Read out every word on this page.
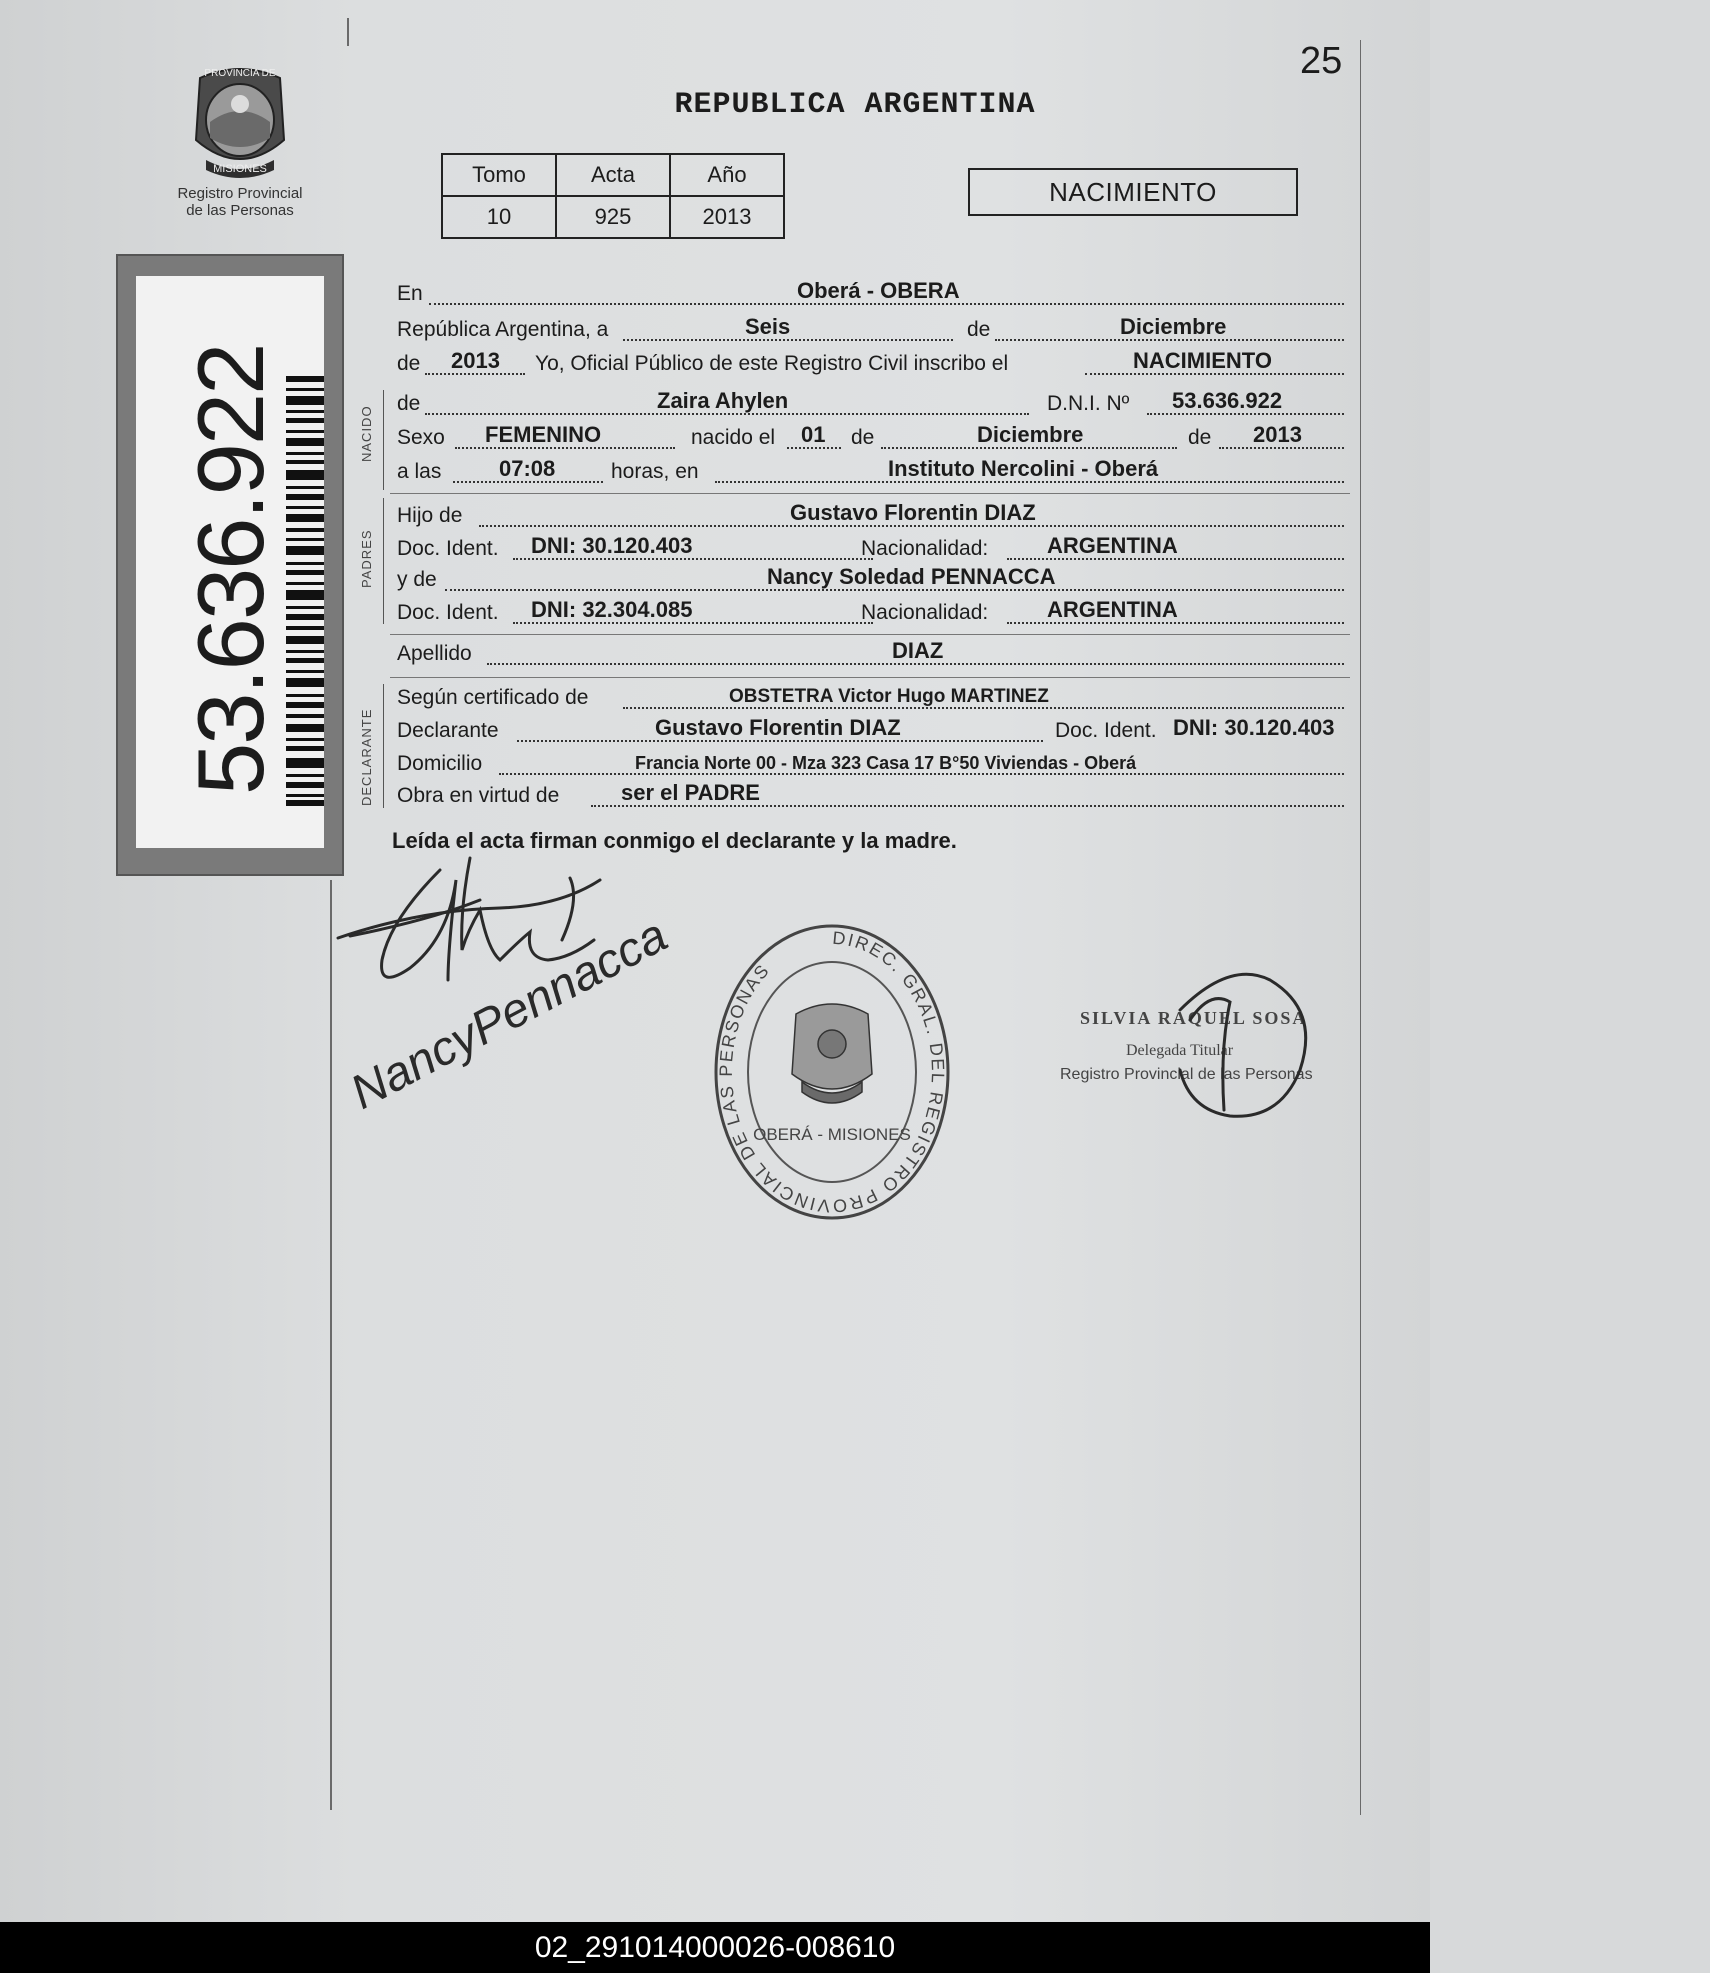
25
REPUBLICA ARGENTINA
PROVINCIA DE
MISIONES
Registro Provincial
de las Personas
53.636.922
Tomo	Acta	Año
10	925	2013
NACIMIENTO
NACIDO
PADRES
DECLARANTE
En	Oberá - OBERA
República Argentina, a	Seis	de	Diciembre
de 2013 Yo, Oficial Público de este Registro Civil inscribo el	NACIMIENTO
de	Zaira Ahylen	D.N.I. Nº 53.636.922
Sexo FEMENINO	nacido el 01 de	Diciembre	de 2013
a las	07:08	horas, en	Instituto Nercolini - Oberá
Hijo de	Gustavo Florentin DIAZ
Doc. Ident. DNI: 30.120.403	Nacionalidad:	ARGENTINA
y de	Nancy Soledad PENNACCA
Doc. Ident. DNI: 32.304.085	Nacionalidad:	ARGENTINA
Apellido	DIAZ
Según certificado de	OBSTETRA Victor Hugo MARTINEZ
Declarante	Gustavo Florentin DIAZ	Doc. Ident. DNI: 30.120.403
Domicilio	Francia Norte 00 - Mza 323 Casa 17 B°50 Viviendas - Oberá
Obra en virtud de	ser el PADRE
Leída el acta firman conmigo el declarante y la madre.
NancyPennacca	DIREC. GRAL. DEL REGISTRO PROVINCIAL DE LAS PERSONAS
OBERÁ - MISIONES
SILVIA RAQUEL SOSA
Delegada Titular
Registro Provincial de las Personas
02_291014000026-008610
